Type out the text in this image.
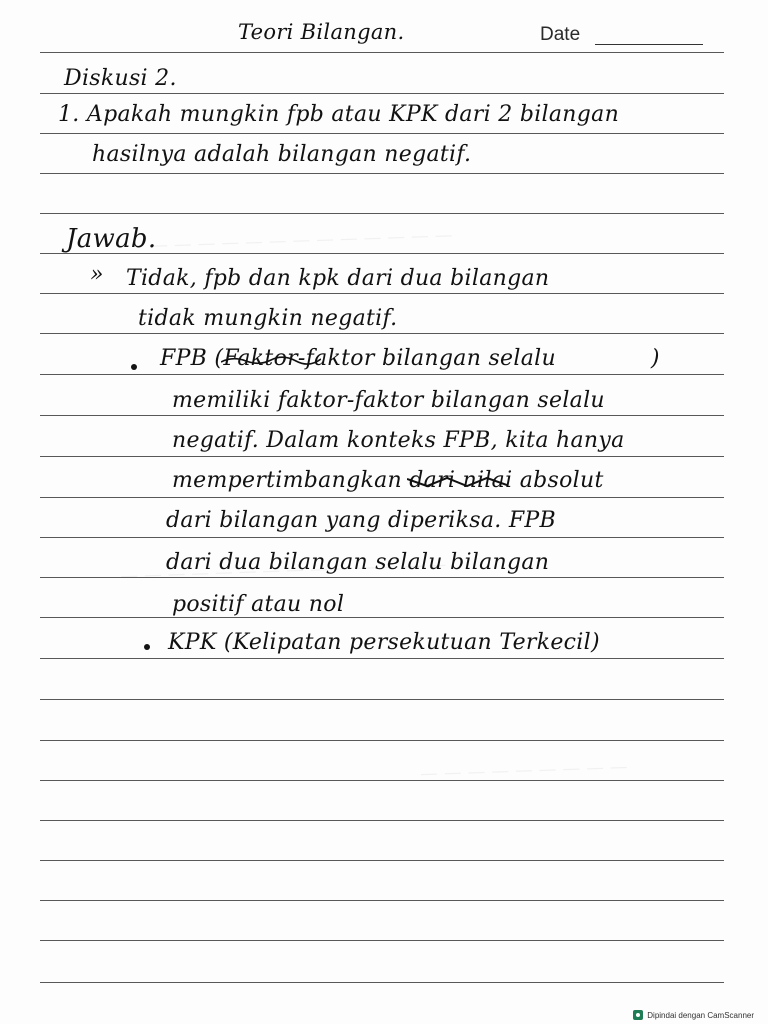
Teori Bilangan.	Date
Diskusi 2.
1. Apakah mungkin fpb atau KPK dari 2 bilangan
hasilnya adalah bilangan negatif.
Jawab.
» Tidak, fpb dan kpk dari dua bilangan
tidak mungkin negatif.
FPB (Faktor-faktor bilangan selalu	)
memiliki faktor-faktor bilangan selalu
negatif. Dalam konteks FPB, kita hanya
mempertimbangkan dari nilai absolut
dari bilangan yang diperiksa. FPB
dari dua bilangan selalu bilangan
positif atau nol
KPK (Kelipatan persekutuan Terkecil)
Dipindai dengan CamScanner
